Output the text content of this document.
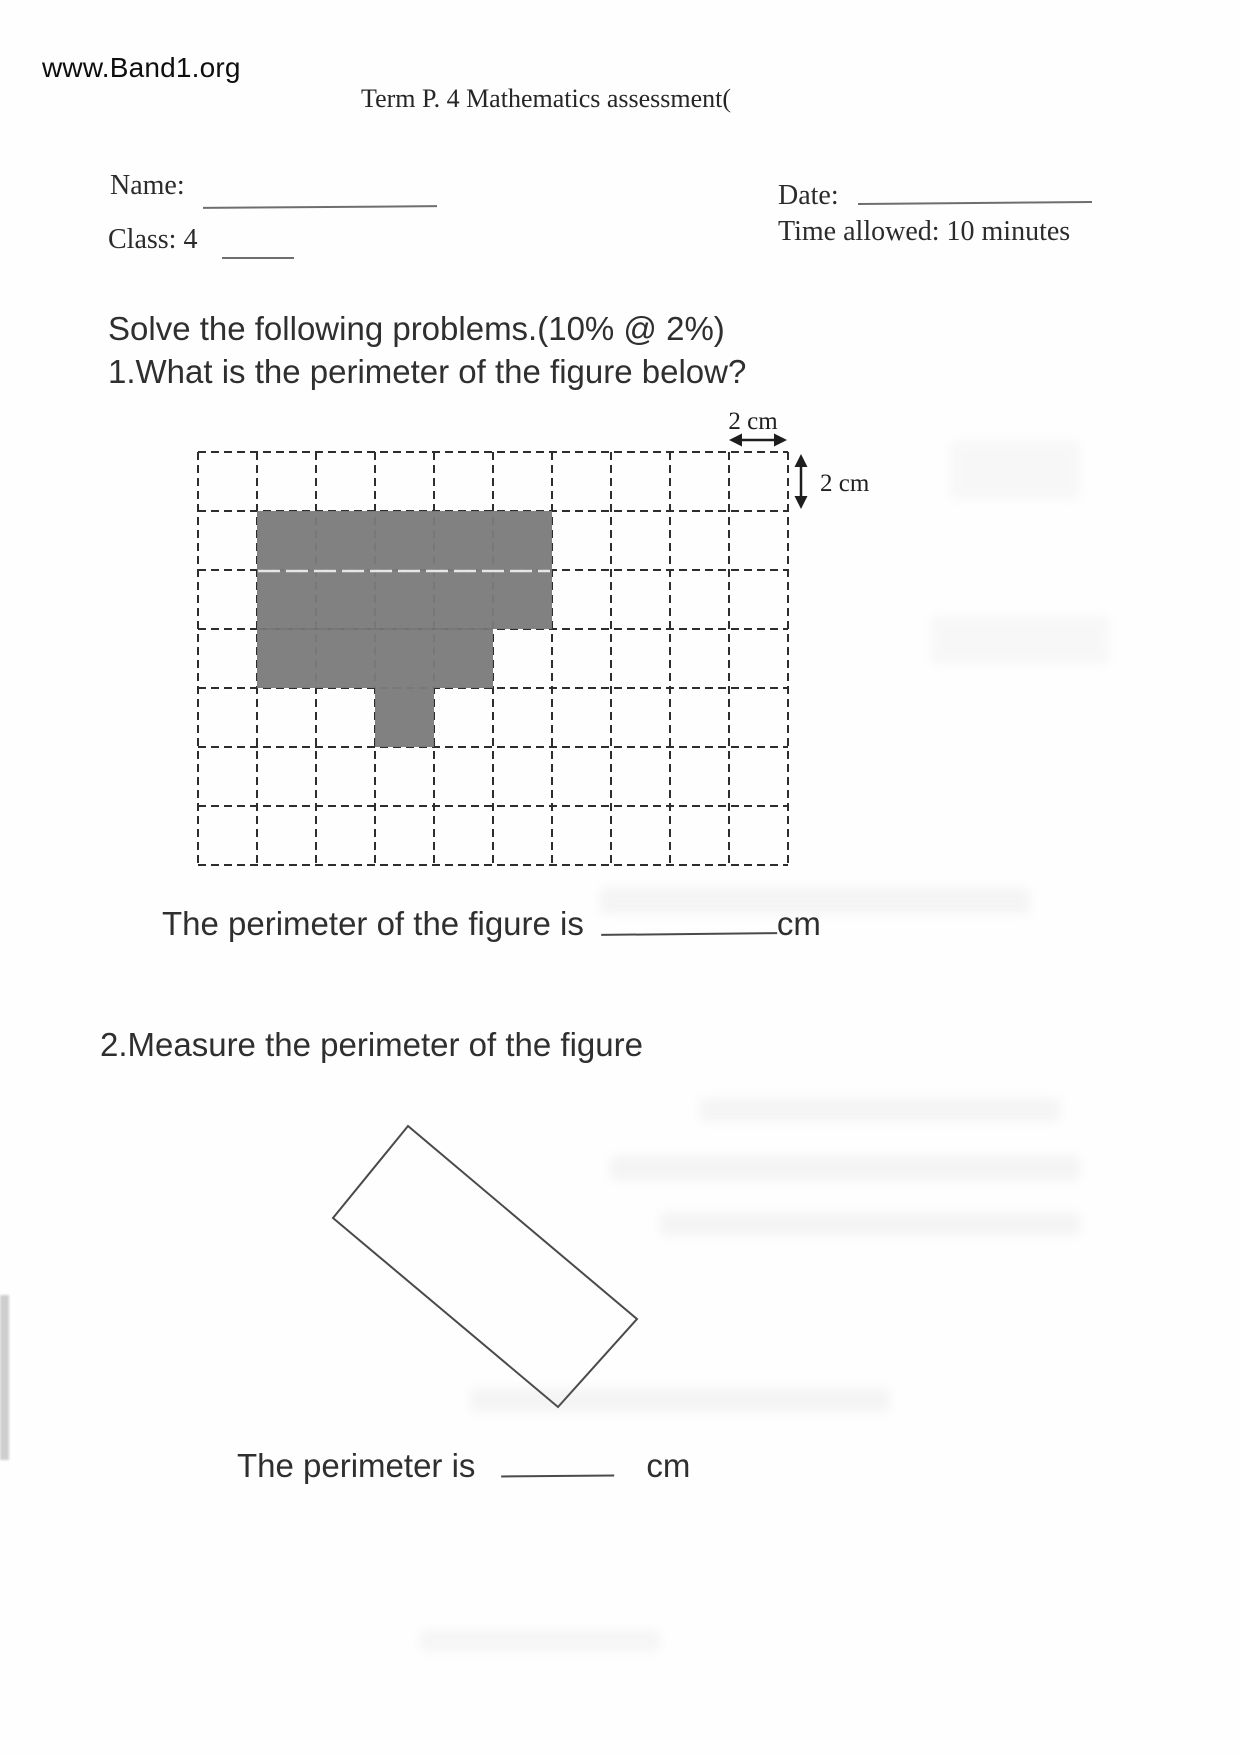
www.Band1.org
Term P. 4 Mathematics assessment(
Name:
Class: 4
Date:
Time allowed: 10 minutes
Solve the following problems.(10% @ 2%)
1.What is the perimeter of the figure below?
2 cm
2 cm
The perimeter of the figure is	cm
2.Measure the perimeter of the figure
The perimeter is	cm
